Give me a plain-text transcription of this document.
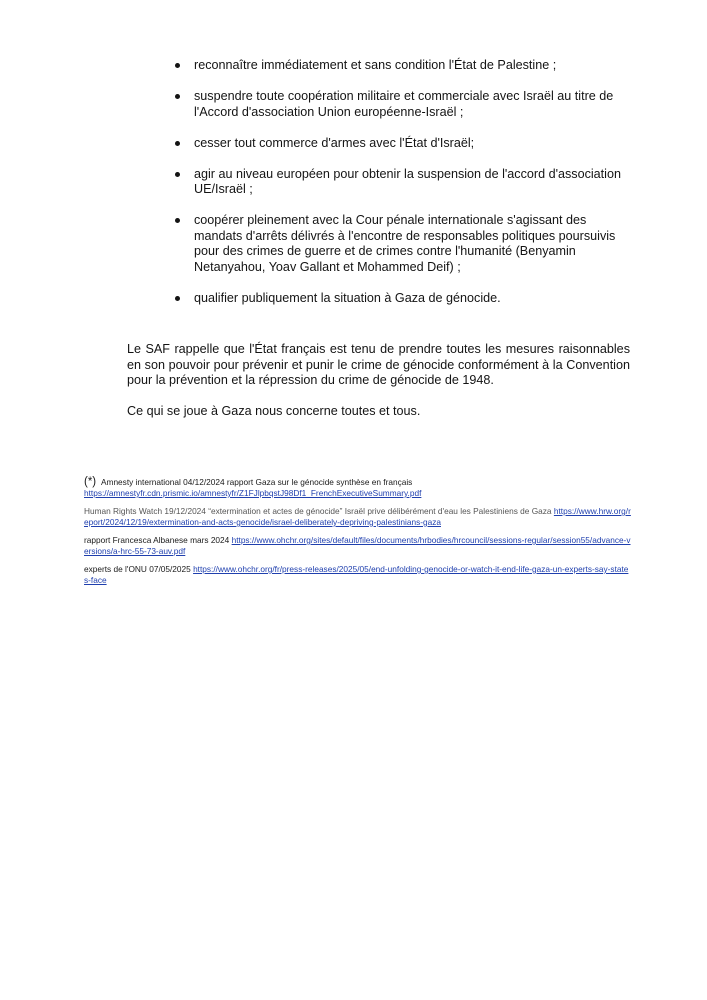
reconnaître immédiatement et sans condition l'État de Palestine ;
suspendre toute coopération militaire et commerciale avec Israël au titre de l'Accord d'association Union européenne-Israël ;
cesser tout commerce d'armes avec l'État d'Israël;
agir au niveau européen pour obtenir la suspension de l'accord d'association UE/Israël ;
coopérer pleinement avec la Cour pénale internationale s'agissant des mandats d'arrêts délivrés à l'encontre de responsables politiques poursuivis pour des crimes de guerre et de crimes contre l'humanité (Benyamin Netanyahou, Yoav Gallant et Mohammed Deif) ;
qualifier publiquement la situation à Gaza de génocide.

Le SAF rappelle que l'État français est tenu de prendre toutes les mesures raisonnables en son pouvoir pour prévenir et punir le crime de génocide conformément à la Convention pour la prévention et la répression du crime de génocide de 1948.

Ce qui se joue à Gaza nous concerne toutes et tous.

(*) Amnesty international 04/12/2024 rapport Gaza sur le génocide synthèse en français
https://amnestyfr.cdn.prismic.io/amnestyfr/Z1FJlpbqstJ98Df1_FrenchExecutiveSummary.pdf

Human Rights Watch 19/12/2024 “extermination et actes de génocide” Israël prive délibérément d'eau les Palestiniens de Gaza https://www.hrw.org/report/2024/12/19/extermination-and-acts-genocide/israel-deliberately-depriving-palestinians-gaza

rapport Francesca Albanese mars 2024 https://www.ohchr.org/sites/default/files/documents/hrbodies/hrcouncil/sessions-regular/session55/advance-versions/a-hrc-55-73-auv.pdf

experts de l'ONU 07/05/2025 https://www.ohchr.org/fr/press-releases/2025/05/end-unfolding-genocide-or-watch-it-end-life-gaza-un-experts-say-states-face
